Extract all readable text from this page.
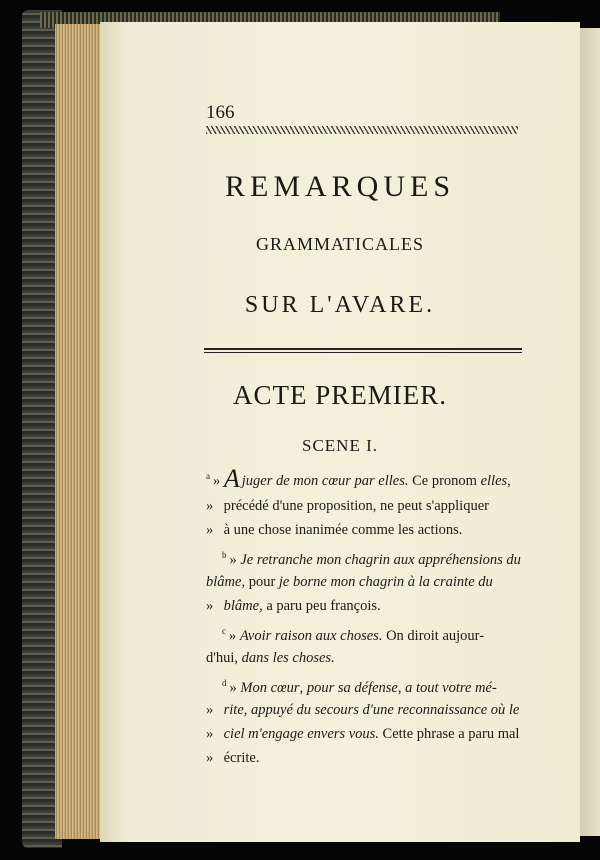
166
REMARQUES
GRAMMATICALES
SUR L'AVARE.
ACTE PREMIER.
SCENE I.
$^a$ » A juger de mon cœur par elles. Ce pronom elles,
» précédé d'une proposition, ne peut s'appliquer
» à une chose inanimée comme les actions.
$^b$ » Je retranche mon chagrin aux appréhensions du
blâme, pour je borne mon chagrin à la crainte du
» blâme, a paru peu françois.
$^c$ » Avoir raison aux choses. On diroit aujour-
d'hui, dans les choses.
$^d$ » Mon cœur, pour sa défense, a tout votre mé-
» rite, appuyé du secours d'une reconnaissance où le
» ciel m'engage envers vous. Cette phrase a paru mal
» écrite.
